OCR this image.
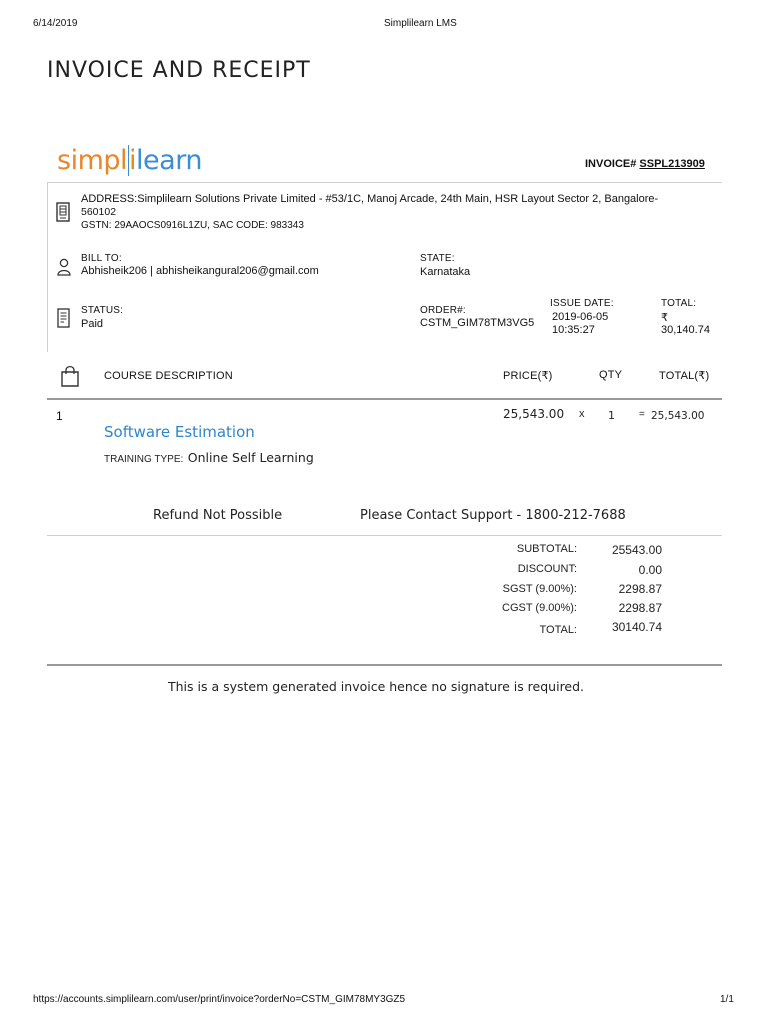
6/14/2019	Simplilearn LMS
INVOICE AND RECEIPT
simplilearn	INVOICE# SSPL213909
ADDRESS:Simplilearn Solutions Private Limited - #53/1C, Manoj Arcade, 24th Main, HSR Layout Sector 2, Bangalore-
560102
GSTN: 29AAOCS0916L1ZU, SAC CODE: 983343
BILL TO:
Abhisheik206 | abhisheikangural206@gmail.com
STATE:
Karnataka
STATUS:
Paid
ORDER#:
CSTM_GIM78TM3VG5
ISSUE DATE:
2019-06-05
10:35:27
TOTAL:
₹
30,140.74
COURSE DESCRIPTION	PRICE(₹)	QTY	TOTAL(₹)
1
Software Estimation
TRAINING TYPE: Online Self Learning
25,543.00 x 1 = 25,543.00
Refund Not Possible	Please Contact Support - 1800-212-7688
SUBTOTAL:	25543.00
DISCOUNT:	0.00
SGST (9.00%):	2298.87
CGST (9.00%):	2298.87
TOTAL:	30140.74
This is a system generated invoice hence no signature is required.
https://accounts.simplilearn.com/user/print/invoice?orderNo=CSTM_GIM78MY3GZ5	1/1
